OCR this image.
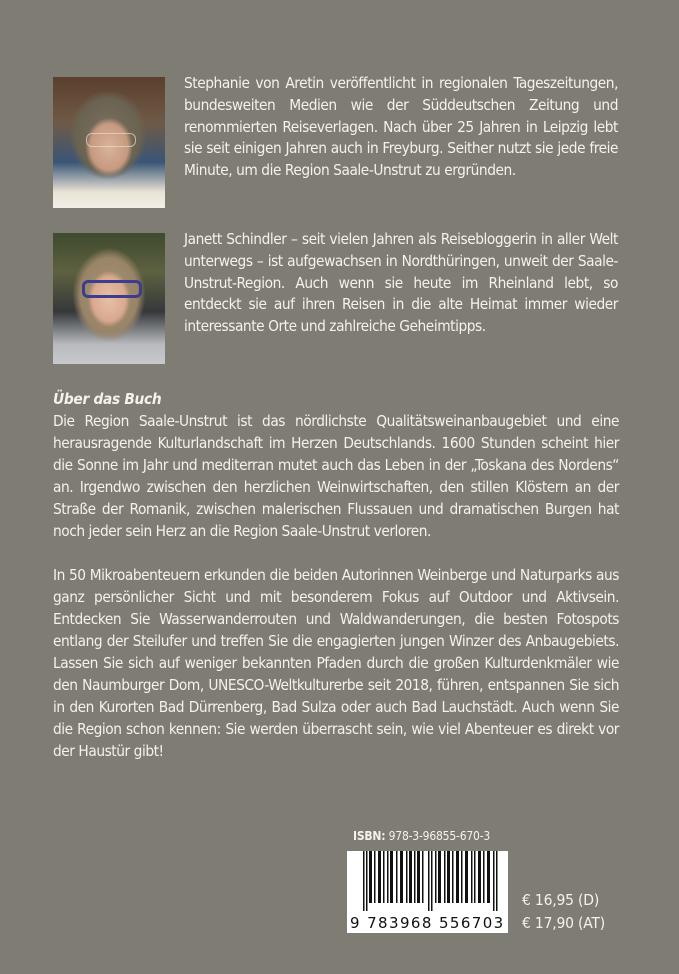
Stephanie von Aretin veröffentlicht in regionalen Tageszeitungen, bundesweiten Medien wie der Süddeutschen Zeitung und renommierten Reiseverlagen. Nach über 25 Jahren in Leipzig lebt sie seit einigen Jahren auch in Freyburg. Seither nutzt sie jede freie Minute, um die Region Saale-Unstrut zu ergründen.
Janett Schindler – seit vielen Jahren als Reisebloggerin in aller Welt unterwegs – ist aufgewachsen in Nordthüringen, unweit der Saale-Unstrut-Region. Auch wenn sie heute im Rheinland lebt, so entdeckt sie auf ihren Reisen in die alte Heimat immer wieder interessante Orte und zahlreiche Geheimtipps.
Über das Buch

Die Region Saale-Unstrut ist das nördlichste Qualitätsweinanbaugebiet und eine herausragende Kulturlandschaft im Herzen Deutschlands. 1600 Stunden scheint hier die Sonne im Jahr und mediterran mutet auch das Leben in der „Toskana des Nordens“ an. Irgendwo zwischen den herzlichen Weinwirtschaften, den stillen Klöstern an der Straße der Romanik, zwischen malerischen Flussauen und dramatischen Burgen hat noch jeder sein Herz an die Region Saale-Unstrut verloren.

In 50 Mikroabenteuern erkunden die beiden Autorinnen Weinberge und Naturparks aus ganz persönlicher Sicht und mit besonderem Fokus auf Outdoor und Aktivsein. Entdecken Sie Wasserwanderrouten und Waldwanderungen, die besten Fotospots entlang der Steilufer und treffen Sie die engagierten jungen Winzer des Anbaugebiets. Lassen Sie sich auf weniger bekannten Pfaden durch die großen Kulturdenkmäler wie den Naumburger Dom, UNESCO-Weltkulturerbe seit 2018, führen, entspannen Sie sich in den Kurorten Bad Dürrenberg, Bad Sulza oder auch Bad Lauchstädt. Auch wenn Sie die Region schon kennen: Sie werden überrascht sein, wie viel Abenteuer es direkt vor der Haustür gibt!

ISBN: 978-3-96855-670-3
9 783968 556703
€ 16,95 (D)
€ 17,90 (AT)
